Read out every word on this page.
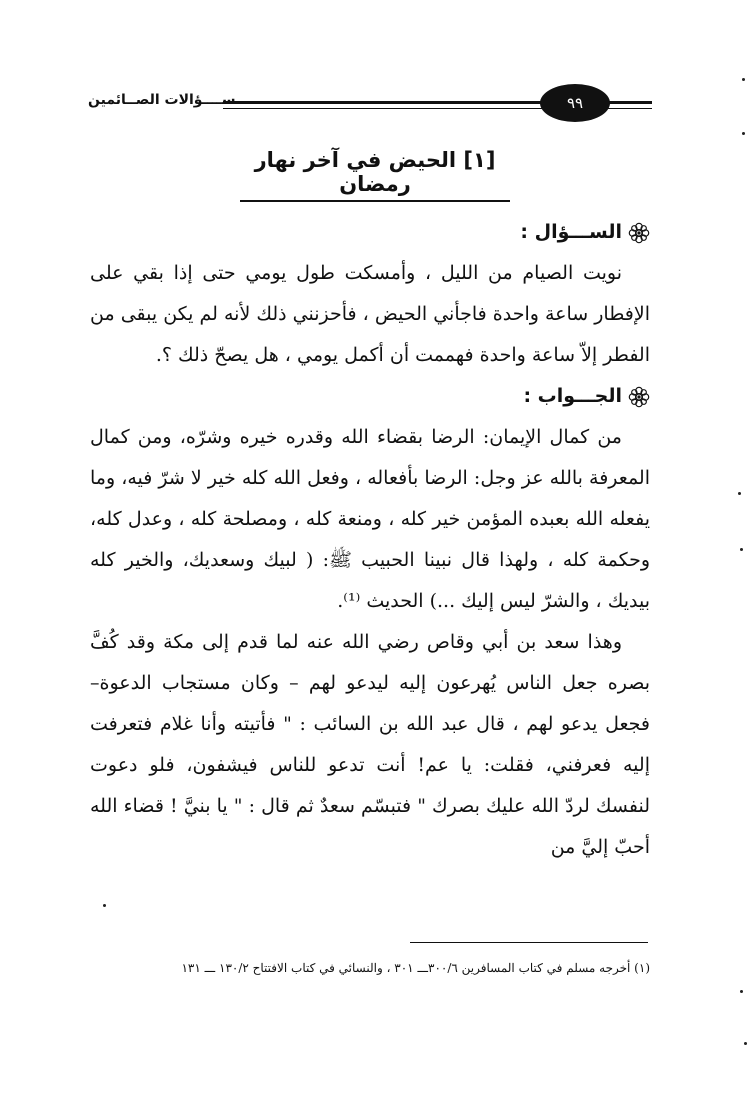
ســــؤالات الصــائمين	٩٩
[١] الحيض في آخر نهار رمضان
الســـؤال :

نويت الصيام من الليل ، وأمسكت طول يومي حتى إذا بقي على الإفطار ساعة واحدة فاجأني الحيض ، فأحزنني ذلك لأنه لم يكن يبقى من الفطر إلاّ ساعة واحدة فهممت أن أكمل يومي ، هل يصحّ ذلك ؟.

الجـــواب :

من كمال الإيمان: الرضا بقضاء الله وقدره خيره وشرّه، ومن كمال المعرفة بالله عز وجل: الرضا بأفعاله ، وفعل الله كله خير لا شرّ فيه، وما يفعله الله بعبده المؤمن خير كله ، ومنعة كله ، ومصلحة كله ، وعدل كله، وحكمة كله ، ولهذا قال نبينا الحبيب ﷺ: ( لبيك وسعديك، والخير كله بيديك ، والشرّ ليس إليك ...) الحديث ⁽¹⁾.

وهذا سعد بن أبي وقاص رضي الله عنه لما قدم إلى مكة وقد كُفَّ بصره جعل الناس يُهرعون إليه ليدعو لهم – وكان مستجاب الدعوة– فجعل يدعو لهم ، قال عبد الله بن السائب : " فأتيته وأنا غلام فتعرفت إليه فعرفني، فقلت: يا عم! أنت تدعو للناس فيشفون، فلو دعوت لنفسك لردّ الله عليك بصرك " فتبسّم سعدٌ ثم قال : " يا بنيَّ ! قضاء الله أحبّ إليَّ من

(١) أخرجه مسلم في كتاب المسافرين ٣٠٠/٦ـــ ٣٠١ ، والنسائي في كتاب الافتتاح ١٣٠/٢ ـــ ١٣١
